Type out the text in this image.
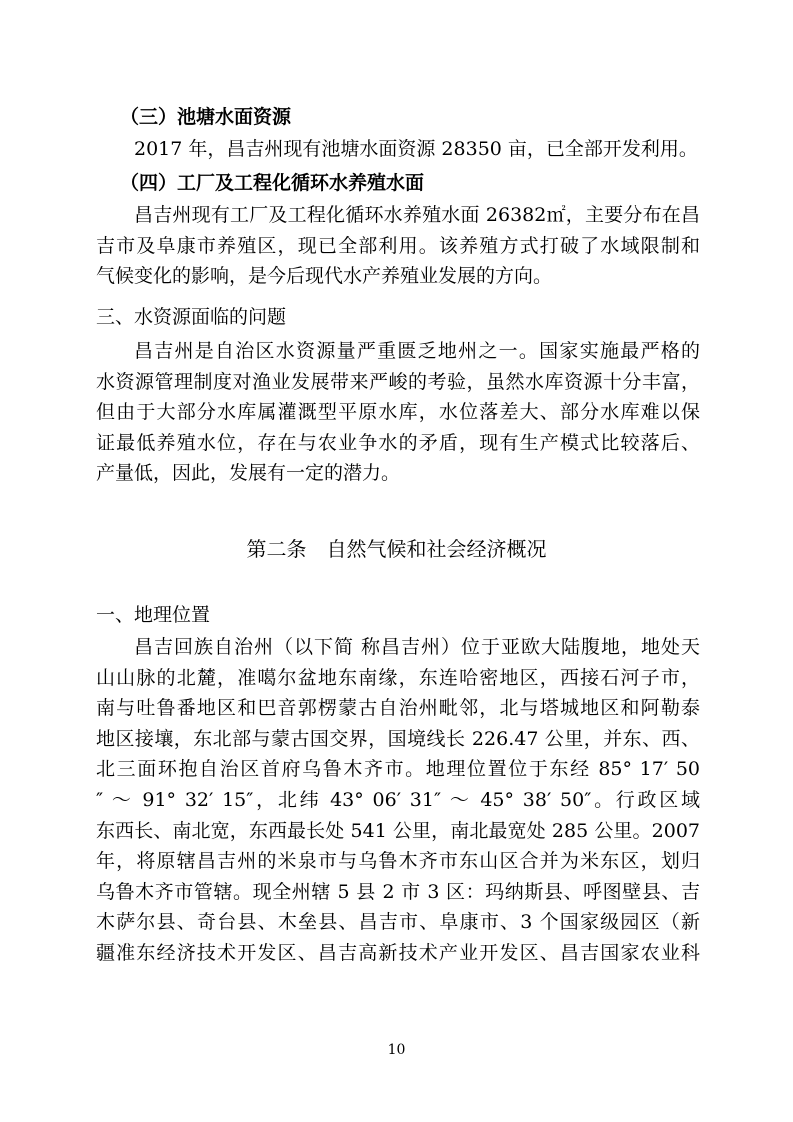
（三）池塘水面资源
2017 年，昌吉州现有池塘水面资源 28350 亩，已全部开发利用。
（四）工厂及工程化循环水养殖水面
昌吉州现有工厂及工程化循环水养殖水面 26382㎡，主要分布在昌
吉市及阜康市养殖区，现已全部利用。该养殖方式打破了水域限制和
气候变化的影响，是今后现代水产养殖业发展的方向。
三、水资源面临的问题
昌吉州是自治区水资源量严重匮乏地州之一。国家实施最严格的
水资源管理制度对渔业发展带来严峻的考验，虽然水库资源十分丰富，
但由于大部分水库属灌溉型平原水库，水位落差大、部分水库难以保
证最低养殖水位，存在与农业争水的矛盾，现有生产模式比较落后、
产量低，因此，发展有一定的潜力。
第二条　自然气候和社会经济概况
一、地理位置
昌吉回族自治州（以下简 称昌吉州）位于亚欧大陆腹地，地处天
山山脉的北麓，准噶尔盆地东南缘，东连哈密地区，西接石河子市，
南与吐鲁番地区和巴音郭楞蒙古自治州毗邻，北与塔城地区和阿勒泰
地区接壤，东北部与蒙古国交界，国境线长 226.47 公里，并东、西、
北三面环抱自治区首府乌鲁木齐市。地理位置位于东经 85° 17′ 50
″ ～ 91° 32′ 15″，北纬 43° 06′ 31″ ～ 45° 38′ 50″。行政区域
东西长、南北宽，东西最长处 541 公里，南北最宽处 285 公里。2007
年，将原辖昌吉州的米泉市与乌鲁木齐市东山区合并为米东区，划归
乌鲁木齐市管辖。现全州辖 5 县 2 市 3 区：玛纳斯县、呼图壁县、吉
木萨尔县、奇台县、木垒县、昌吉市、阜康市、3 个国家级园区（新
疆准东经济技术开发区、昌吉高新技术产业开发区、昌吉国家农业科
10
